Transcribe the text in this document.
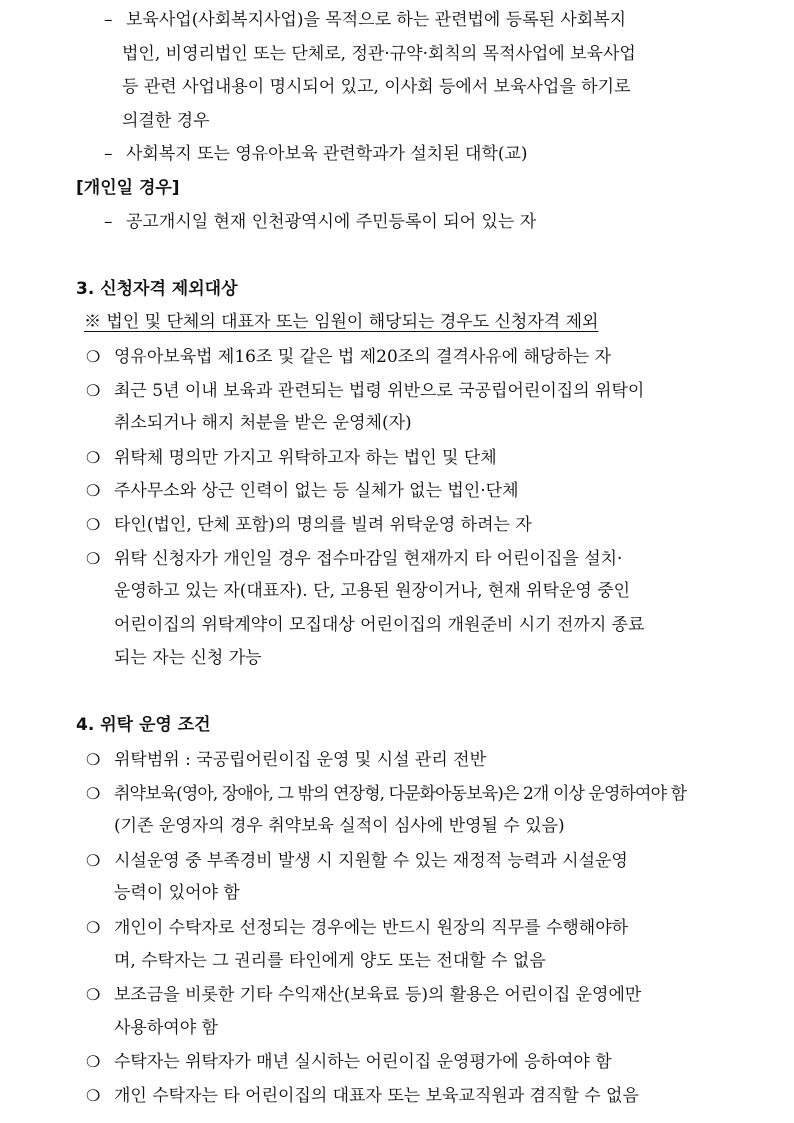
– 보육사업(사회복지사업)을 목적으로 하는 관련법에 등록된 사회복지
법인, 비영리법인 또는 단체로, 정관·규약·회칙의 목적사업에 보육사업
등 관련 사업내용이 명시되어 있고, 이사회 등에서 보육사업을 하기로
의결한 경우
– 사회복지 또는 영유아보육 관련학과가 설치된 대학(교)
[개인일 경우]
– 공고개시일 현재 인천광역시에 주민등록이 되어 있는 자
3. 신청자격 제외대상
※ 법인 및 단체의 대표자 또는 임원이 해당되는 경우도 신청자격 제외
❍ 영유아보육법 제16조 및 같은 법 제20조의 결격사유에 해당하는 자
❍ 최근 5년 이내 보육과 관련되는 법령 위반으로 국공립어린이집의 위탁이
취소되거나 해지 처분을 받은 운영체(자)
❍ 위탁체 명의만 가지고 위탁하고자 하는 법인 및 단체
❍ 주사무소와 상근 인력이 없는 등 실체가 없는 법인·단체
❍ 타인(법인, 단체 포함)의 명의를 빌려 위탁운영 하려는 자
❍ 위탁 신청자가 개인일 경우 접수마감일 현재까지 타 어린이집을 설치·
운영하고 있는 자(대표자). 단, 고용된 원장이거나, 현재 위탁운영 중인
어린이집의 위탁계약이 모집대상 어린이집의 개원준비 시기 전까지 종료
되는 자는 신청 가능
4. 위탁 운영 조건
❍ 위탁범위 : 국공립어린이집 운영 및 시설 관리 전반
❍ 취약보육(영아, 장애아, 그 밖의 연장형, 다문화아동보육)은 2개 이상 운영하여야 함
(기존 운영자의 경우 취약보육 실적이 심사에 반영될 수 있음)
❍ 시설운영 중 부족경비 발생 시 지원할 수 있는 재정적 능력과 시설운영
능력이 있어야 함
❍ 개인이 수탁자로 선정되는 경우에는 반드시 원장의 직무를 수행해야하
며, 수탁자는 그 권리를 타인에게 양도 또는 전대할 수 없음
❍ 보조금을 비롯한 기타 수익재산(보육료 등)의 활용은 어린이집 운영에만
사용하여야 함
❍ 수탁자는 위탁자가 매년 실시하는 어린이집 운영평가에 응하여야 함
❍ 개인 수탁자는 타 어린이집의 대표자 또는 보육교직원과 겸직할 수 없음
